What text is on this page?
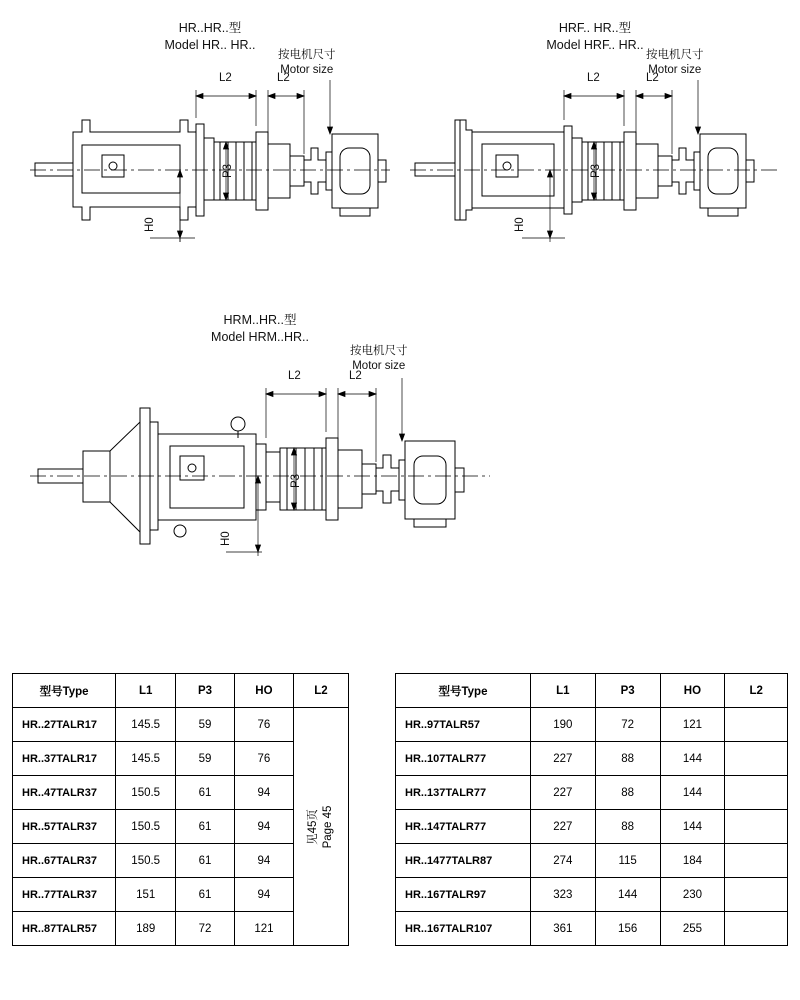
HR..HR..型
Model HR.. HR..
L2	L2
P3
H0
按电机尺寸
Motor size
HRF.. HR..型
Model HRF.. HR..
L2	L2
P3
H0
按电机尺寸
Motor size
HRM..HR..型
Model HRM..HR..
L2	L2
P3
H0
按电机尺寸
Motor size
型号Type	L1	P3	HO	L2
HR..27TALR17	145.5	59	76	见45页 Page 45

HR..37TALR17	145.5	59	76	
HR..47TALR37	150.5	61	94	
HR..57TALR37	150.5	61	94	
HR..67TALR37	150.5	61	94	
HR..77TALR37	151	61	94	
HR..87TALR57	189	72	121	
型号Type	L1	P3	HO	L2
HR..97TALR57	190	72	121	
HR..107TALR77	227	88	144	
HR..137TALR77	227	88	144	
HR..147TALR77	227	88	144	
HR..1477TALR87	274	115	184	
HR..167TALR97	323	144	230	
HR..167TALR107	361	156	255	
